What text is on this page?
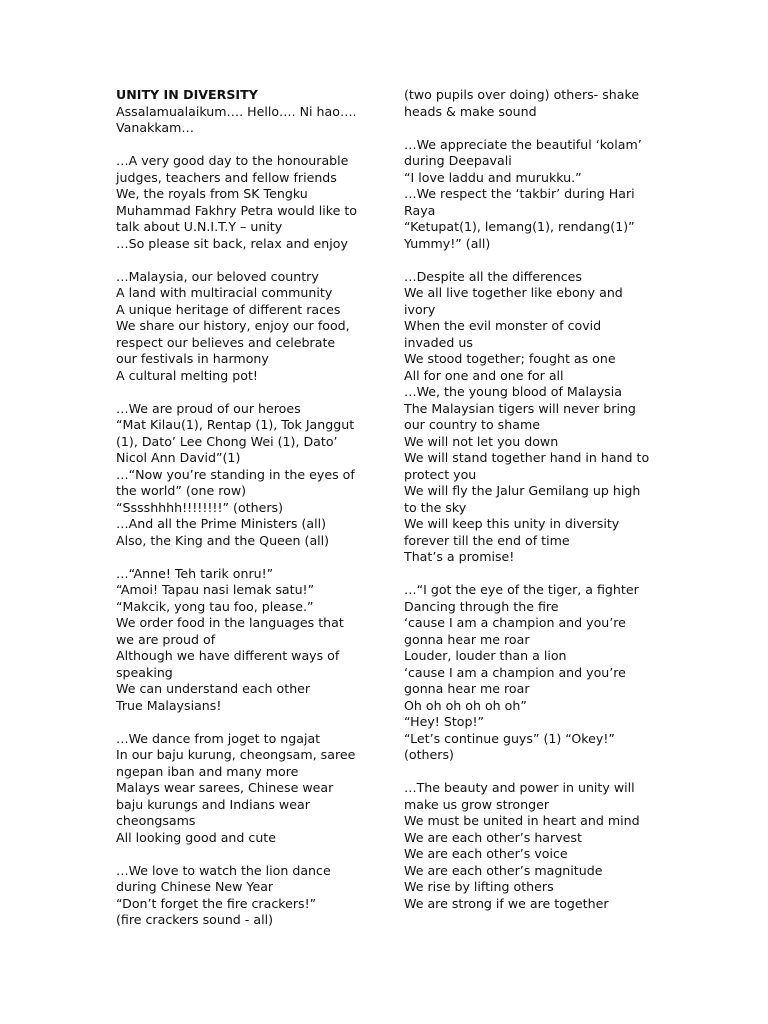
UNITY IN DIVERSITY
Assalamualaikum…. Hello…. Ni hao….
Vanakkam…
…A very good day to the honourable
judges, teachers and fellow friends
We, the royals from SK Tengku
Muhammad Fakhry Petra would like to
talk about U.N.I.T.Y – unity
…So please sit back, relax and enjoy
…Malaysia, our beloved country
A land with multiracial community
A unique heritage of different races
We share our history, enjoy our food,
respect our believes and celebrate
our festivals in harmony
A cultural melting pot!
…We are proud of our heroes
“Mat Kilau(1), Rentap (1), Tok Janggut
(1), Dato’ Lee Chong Wei (1), Dato’
Nicol Ann David”(1)
…“Now you’re standing in the eyes of
the world” (one row)
“Sssshhhh!!!!!!!!” (others)
…And all the Prime Ministers (all)
Also, the King and the Queen (all)
…“Anne! Teh tarik onru!”
“Amoi! Tapau nasi lemak satu!”
“Makcik, yong tau foo, please.”
We order food in the languages that
we are proud of
Although we have different ways of
speaking
We can understand each other
True Malaysians!
…We dance from joget to ngajat
In our baju kurung, cheongsam, saree
ngepan iban and many more
Malays wear sarees, Chinese wear
baju kurungs and Indians wear
cheongsams
All looking good and cute
…We love to watch the lion dance
during Chinese New Year
“Don’t forget the fire crackers!”
(fire crackers sound - all)
(two pupils over doing) others- shake
heads & make sound
…We appreciate the beautiful ‘kolam’
during Deepavali
“I love laddu and murukku.”
…We respect the ‘takbir’ during Hari
Raya
“Ketupat(1), lemang(1), rendang(1)”
Yummy!” (all)
…Despite all the differences
We all live together like ebony and
ivory
When the evil monster of covid
invaded us
We stood together; fought as one
All for one and one for all
…We, the young blood of Malaysia
The Malaysian tigers will never bring
our country to shame
We will not let you down
We will stand together hand in hand to
protect you
We will fly the Jalur Gemilang up high
to the sky
We will keep this unity in diversity
forever till the end of time
That’s a promise!
…“I got the eye of the tiger, a fighter
Dancing through the fire
‘cause I am a champion and you’re
gonna hear me roar
Louder, louder than a lion
‘cause I am a champion and you’re
gonna hear me roar
Oh oh oh oh oh oh”
“Hey! Stop!”
“Let’s continue guys” (1) “Okey!”
(others)
…The beauty and power in unity will
make us grow stronger
We must be united in heart and mind
We are each other’s harvest
We are each other’s voice
We are each other’s magnitude
We rise by lifting others
We are strong if we are together
